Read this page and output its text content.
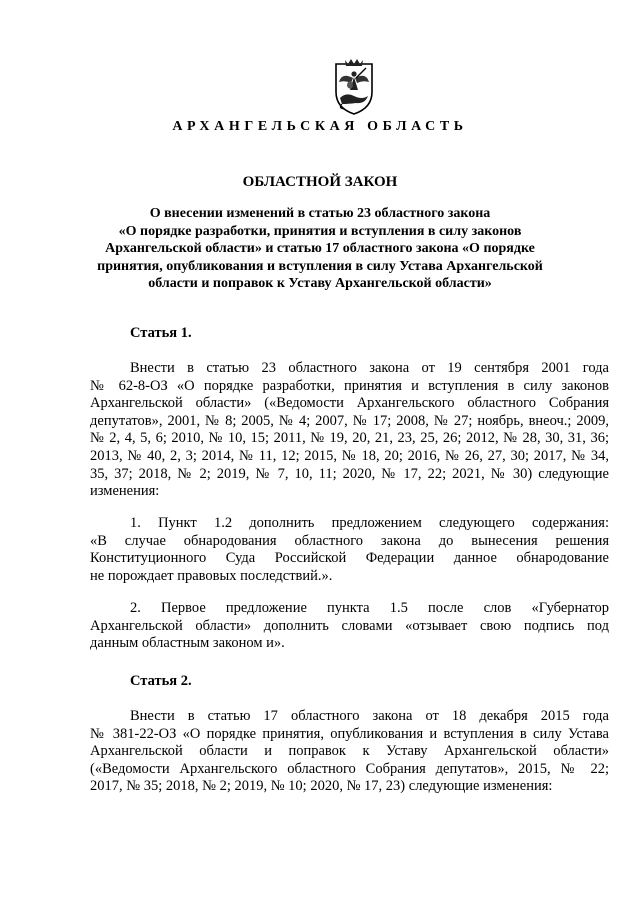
АРХАНГЕЛЬСКАЯ ОБЛАСТЬ

ОБЛАСТНОЙ ЗАКОН

О внесении изменений в статью 23 областного закона
«О порядке разработки, принятия и вступления в силу законов
Архангельской области» и статью 17 областного закона «О порядке
принятия, опубликования и вступления в силу Устава Архангельской
области и поправок к Уставу Архангельской области»

Статья 1.

Внести в статью 23 областного закона от 19 сентября 2001 года
№ 62-8-ОЗ «О порядке разработки, принятия и вступления в силу законов
Архангельской области» («Ведомости Архангельского областного Собрания
депутатов», 2001, № 8; 2005, № 4; 2007, № 17; 2008, № 27; ноябрь, внеоч.; 2009,
№ 2, 4, 5, 6; 2010, № 10, 15; 2011, № 19, 20, 21, 23, 25, 26; 2012, № 28, 30, 31, 36;
2013, № 40, 2, 3; 2014, № 11, 12; 2015, № 18, 20; 2016, № 26, 27, 30; 2017, № 34,
35, 37; 2018, № 2; 2019, № 7, 10, 11; 2020, № 17, 22; 2021, № 30) следующие
изменения:
1. Пункт 1.2 дополнить предложением следующего содержания:
«В случае обнародования областного закона до вынесения решения
Конституционного Суда Российской Федерации данное обнародование
не порождает правовых последствий.».
2. Первое предложение пункта 1.5 после слов «Губернатор
Архангельской области» дополнить словами «отзывает свою подпись под
данным областным законом и».

Статья 2.

Внести в статью 17 областного закона от 18 декабря 2015 года
№ 381-22-ОЗ «О порядке принятия, опубликования и вступления в силу Устава
Архангельской области и поправок к Уставу Архангельской области»
(«Ведомости Архангельского областного Собрания депутатов», 2015, № 22;
2017, № 35; 2018, № 2; 2019, № 10; 2020, № 17, 23) следующие изменения:
